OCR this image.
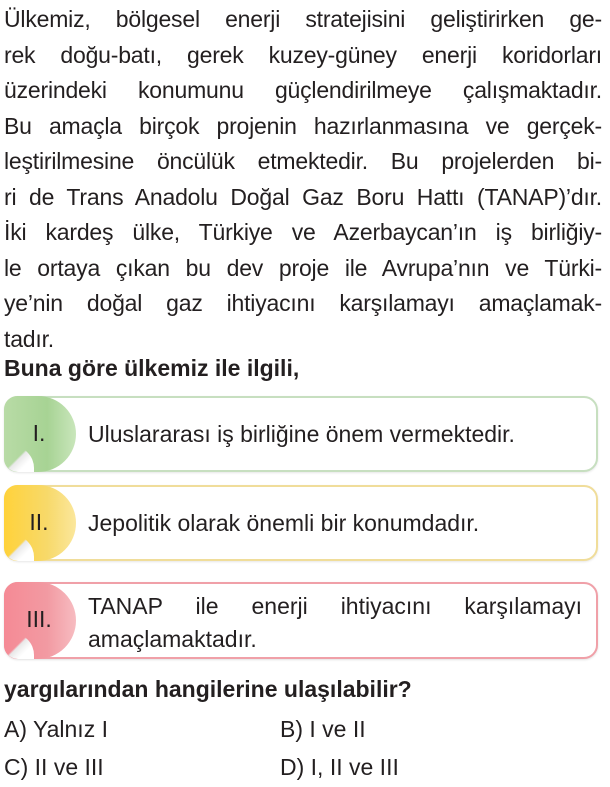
Ülkemiz, bölgesel enerji stratejisini geliştirirken ge-
rek doğu-batı, gerek kuzey-güney enerji koridorları
üzerindeki konumunu güçlendirilmeye çalışmaktadır.
Bu amaçla birçok projenin hazırlanmasına ve gerçek-
leştirilmesine öncülük etmektedir. Bu projelerden bi-
ri de Trans Anadolu Doğal Gaz Boru Hattı (TANAP)’dır.
İki kardeş ülke, Türkiye ve Azerbaycan’ın iş birliğiy-
le ortaya çıkan bu dev proje ile Avrupa’nın ve Türki-
ye’nin doğal gaz ihtiyacını karşılamayı amaçlamak-
tadır.

Buna göre ülkemiz ile ilgili,

I.	Uluslararası iş birliğine önem vermektedir.
II.	Jepolitik olarak önemli bir konumdadır.
III.	TANAP ile enerji ihtiyacını karşılamayı
amaçlamaktadır.

yargılarından hangilerine ulaşılabilir?

A) Yalnız I	B) I ve II
C) II ve III	D) I, II ve III
